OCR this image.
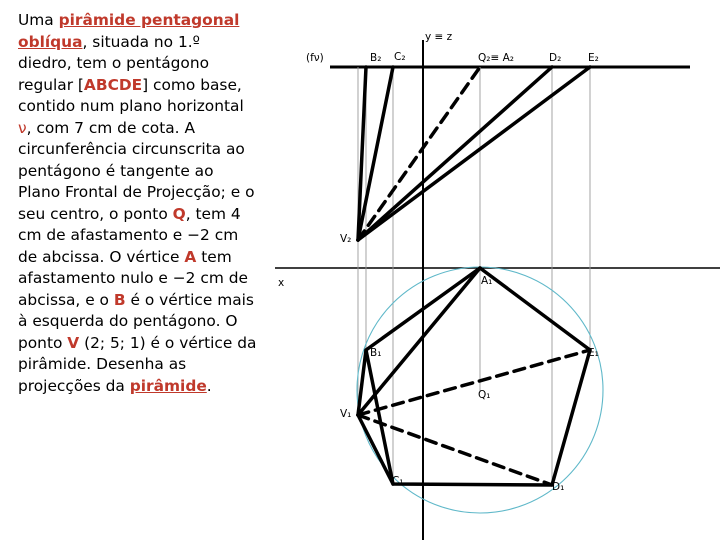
Uma pirâmide pentagonal oblíqua, situada no 1.º diedro, tem o pentágono regular [ABCDE] como base, contido num plano horizontal ν, com 7 cm de cota. A circunferência circunscrita ao pentágono é tangente ao Plano Frontal de Projecção; e o seu centro, o ponto Q, tem 4 cm de afastamento e −2 cm de abcissa. O vértice A tem afastamento nulo e −2 cm de abcissa, e o B é o vértice mais à esquerda do pentágono. O ponto V (2; 5; 1) é o vértice da pirâmide. Desenha as projecções da pirâmide.
y ≡ z
(fν)	B₂ C₂	Q₂≡ A₂	D₂	E₂
V₂
x	A₁
B₁	E₁
Q₁
V₁
C₁	D₁
